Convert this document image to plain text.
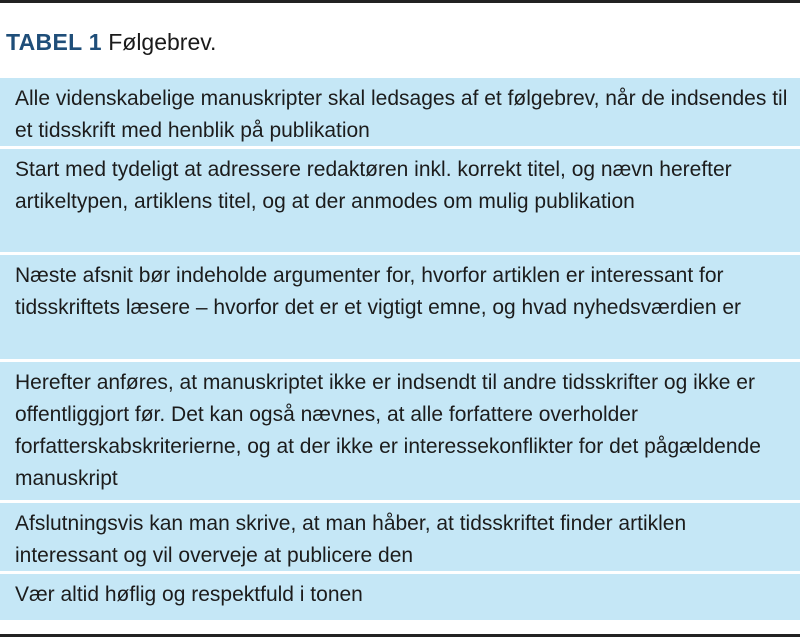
TABEL 1 Følgebrev.
Alle videnskabelige manuskripter skal ledsages af et følgebrev, når de indsendes til et tidsskrift med henblik på publikation
Start med tydeligt at adressere redaktøren inkl. korrekt titel, og nævn herefter artikeltypen, artiklens titel, og at der anmodes om mulig publikation
Næste afsnit bør indeholde argumenter for, hvorfor artiklen er interessant for tidsskriftets læsere – hvorfor det er et vigtigt emne, og hvad nyhedsværdien er
Herefter anføres, at manuskriptet ikke er indsendt til andre tidsskrifter og ikke er offentliggjort før. Det kan også nævnes, at alle forfattere overholder forfatterskabskriterierne, og at der ikke er interessekonflikter for det pågældende manuskript
Afslutningsvis kan man skrive, at man håber, at tidsskriftet finder artiklen interessant og vil overveje at publicere den
Vær altid høflig og respektfuld i tonen
